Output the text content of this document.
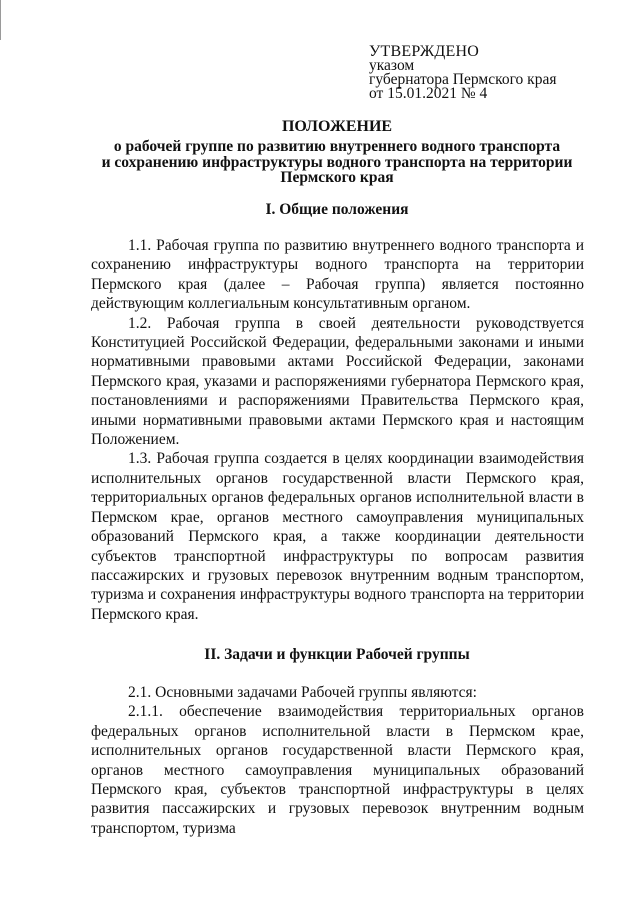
УТВЕРЖДЕНО
указом
губернатора Пермского края
от 15.01.2021 № 4
ПОЛОЖЕНИЕ
о рабочей группе по развитию внутреннего водного транспорта
и сохранению инфраструктуры водного транспорта на территории
Пермского края
I. Общие положения

1.1. Рабочая группа по развитию внутреннего водного транспорта и сохранению инфраструктуры водного транспорта на территории Пермского края (далее – Рабочая группа) является постоянно действующим коллегиальным консультативным органом.

1.2. Рабочая группа в своей деятельности руководствуется Конституцией Российской Федерации, федеральными законами и иными нормативными правовыми актами Российской Федерации, законами Пермского края, указами и распоряжениями губернатора Пермского края, постановлениями и распоряжениями Правительства Пермского края, иными нормативными правовыми актами Пермского края и настоящим Положением.

1.3. Рабочая группа создается в целях координации взаимодействия исполнительных органов государственной власти Пермского края, территориальных органов федеральных органов исполнительной власти в Пермском крае, органов местного самоуправления муниципальных образований Пермского края, а также координации деятельности субъектов транспортной инфраструктуры по вопросам развития пассажирских и грузовых перевозок внутренним водным транспортом, туризма и сохранения инфраструктуры водного транспорта на территории Пермского края.

II. Задачи и функции Рабочей группы

2.1. Основными задачами Рабочей группы являются:

2.1.1. обеспечение взаимодействия территориальных органов федеральных органов исполнительной власти в Пермском крае, исполнительных органов государственной власти Пермского края, органов местного самоуправления муниципальных образований Пермского края, субъектов транспортной инфраструктуры в целях развития пассажирских и грузовых перевозок внутренним водным транспортом, туризма
